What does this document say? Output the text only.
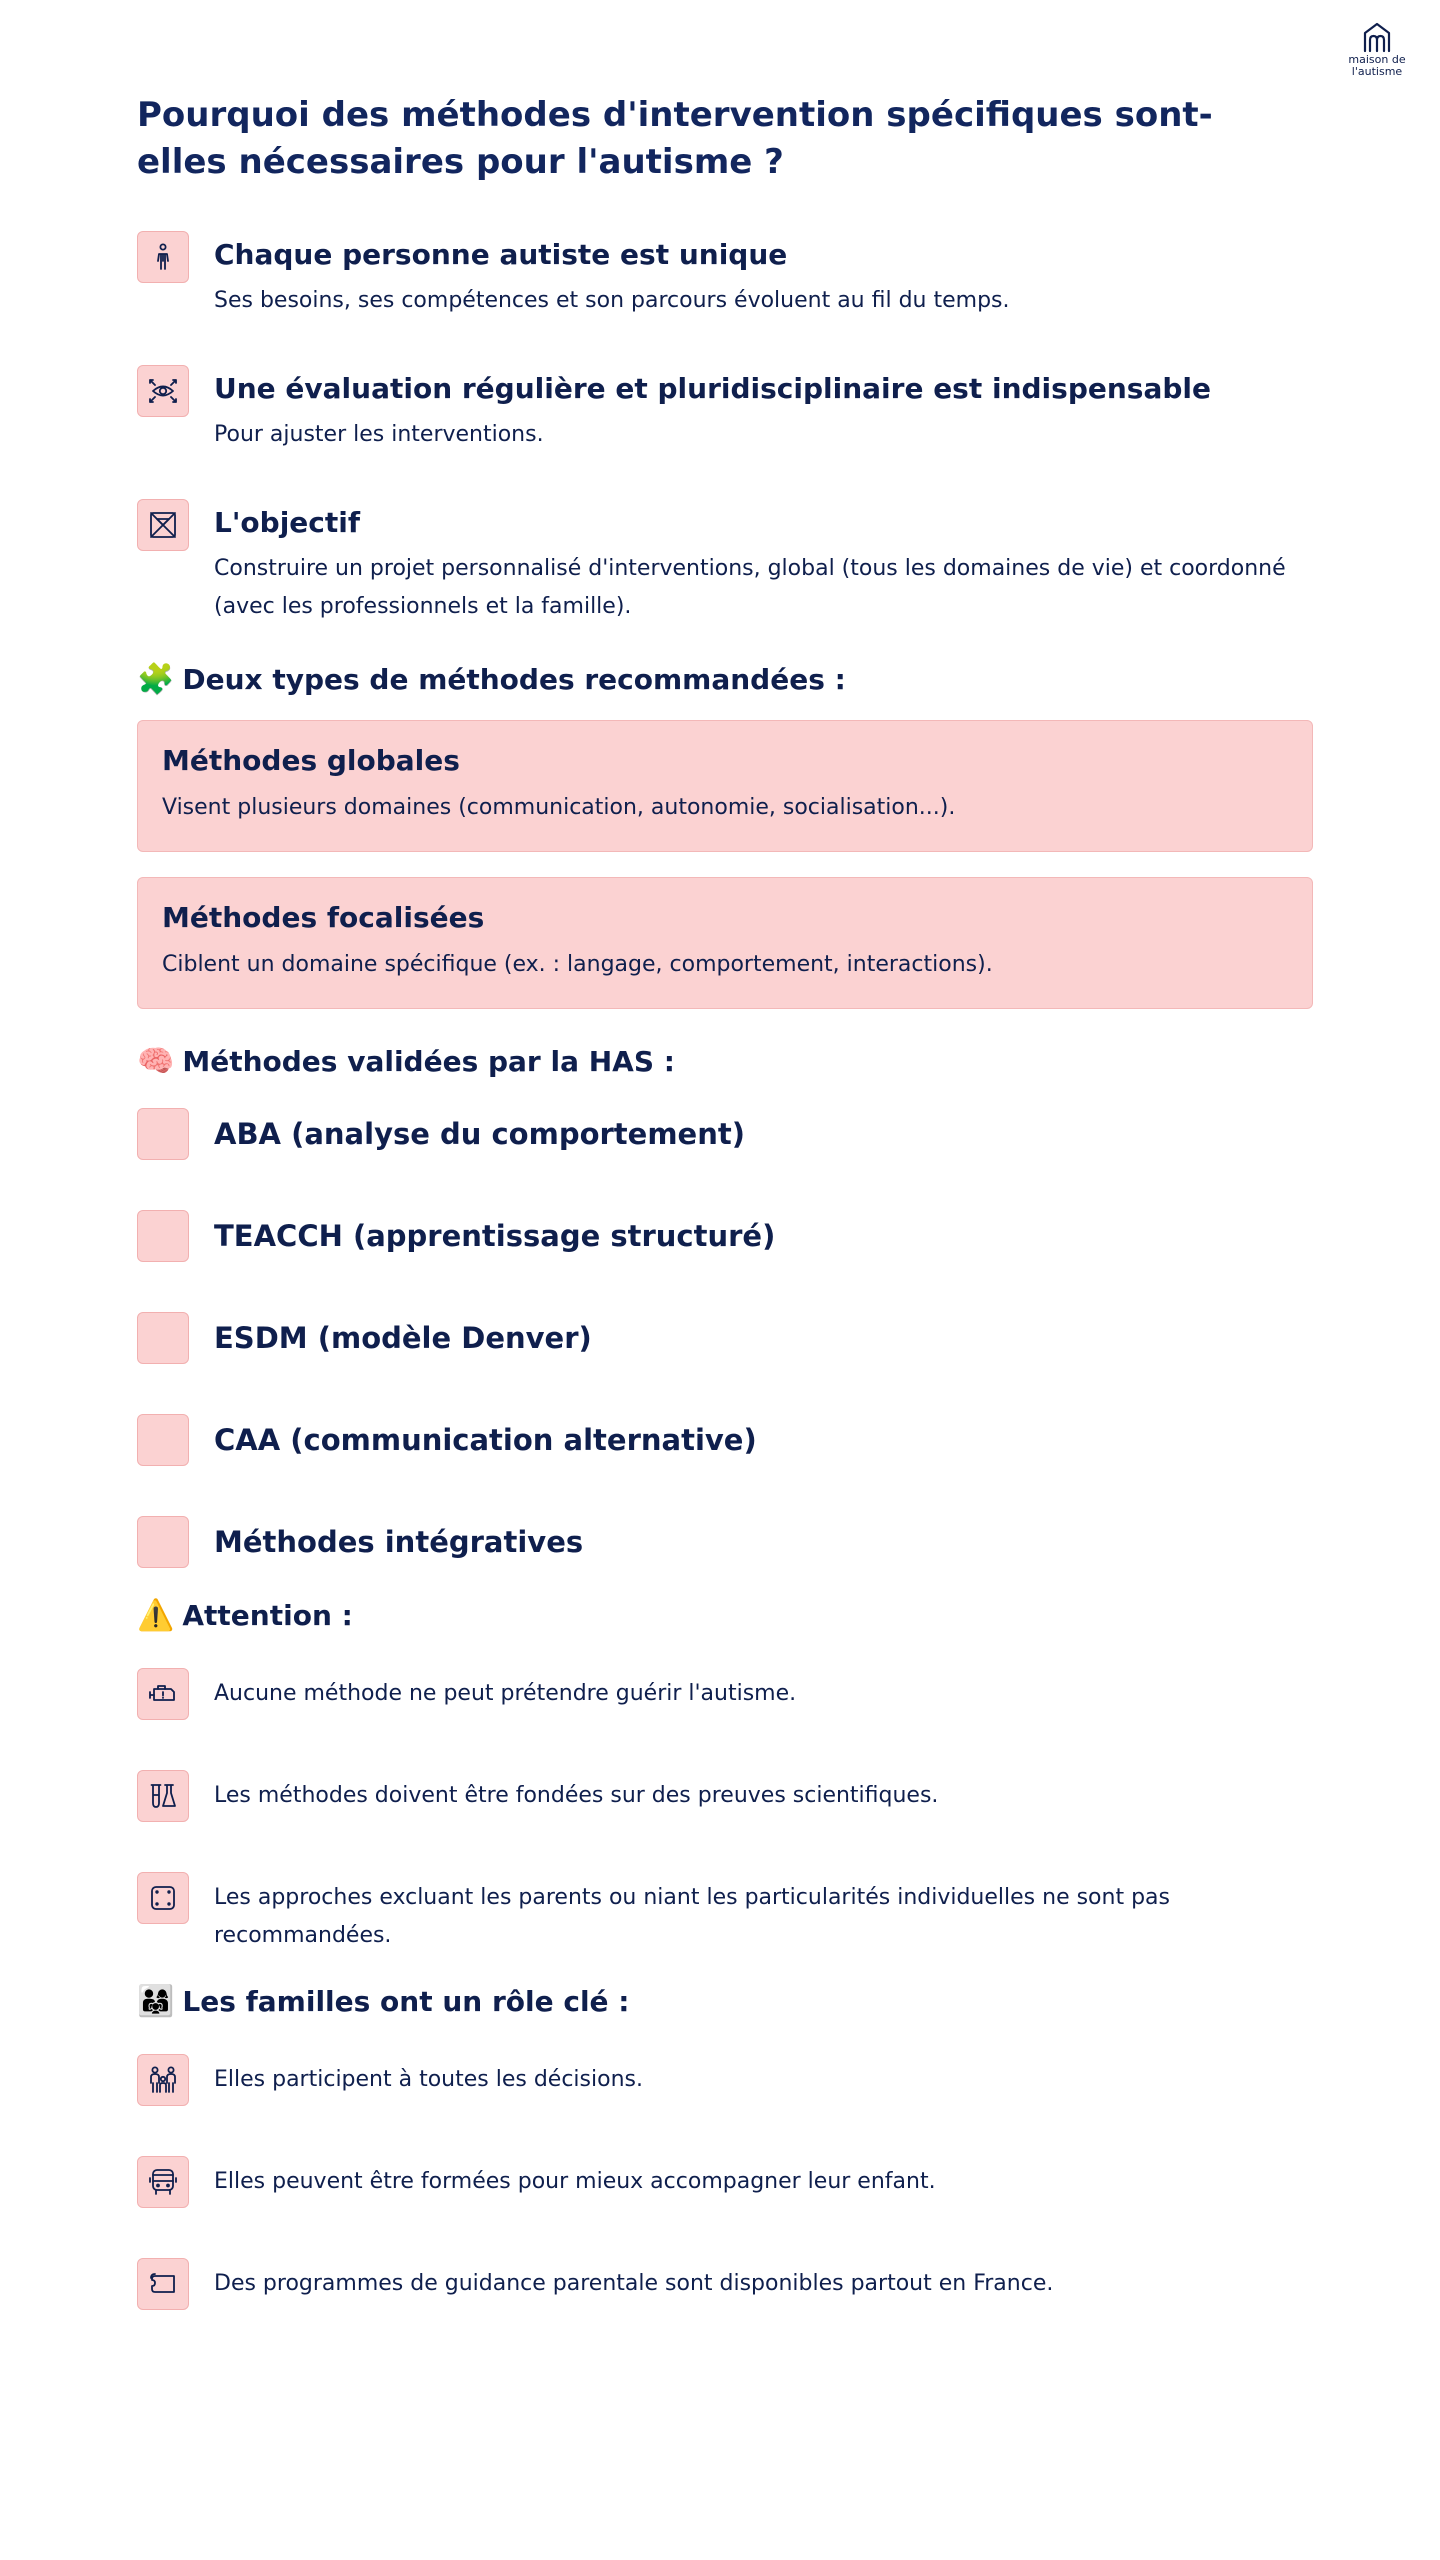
maison de
l'autisme
Pourquoi des méthodes d'intervention spécifiques sont-elles nécessaires pour l'autisme ?
Chaque personne autiste est unique
Ses besoins, ses compétences et son parcours évoluent au fil du temps.
Une évaluation régulière et pluridisciplinaire est indispensable
Pour ajuster les interventions.
L'objectif
Construire un projet personnalisé d'interventions, global (tous les domaines de vie) et coordonné (avec les professionnels et la famille).
🧩 Deux types de méthodes recommandées :
Méthodes globales
Visent plusieurs domaines (communication, autonomie, socialisation...).
Méthodes focalisées
Ciblent un domaine spécifique (ex. : langage, comportement, interactions).
🧠 Méthodes validées par la HAS :
ABA (analyse du comportement)
TEACCH (apprentissage structuré)
ESDM (modèle Denver)
CAA (communication alternative)
Méthodes intégratives
⚠️ Attention :
Aucune méthode ne peut prétendre guérir l'autisme.
Les méthodes doivent être fondées sur des preuves scientifiques.
Les approches excluant les parents ou niant les particularités individuelles ne sont pas recommandées.
👨‍👩‍👧 Les familles ont un rôle clé :
Elles participent à toutes les décisions.
Elles peuvent être formées pour mieux accompagner leur enfant.
Des programmes de guidance parentale sont disponibles partout en France.
